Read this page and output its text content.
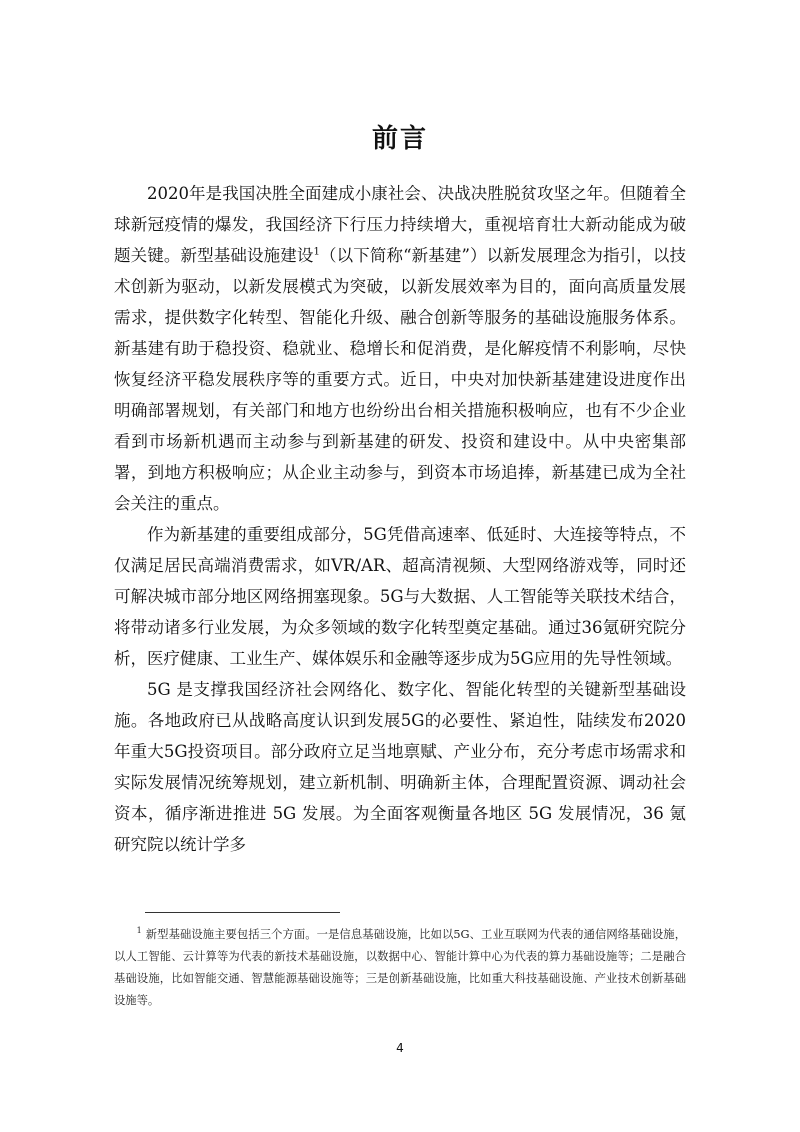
前言

2020年是我国决胜全面建成小康社会、决战决胜脱贫攻坚之年。但随着全球新冠疫情的爆发，我国经济下行压力持续增大，重视培育壮大新动能成为破题关键。新型基础设施建设$^1$（以下简称“新基建”）以新发展理念为指引，以技术创新为驱动，以新发展模式为突破，以新发展效率为目的，面向高质量发展需求，提供数字化转型、智能化升级、融合创新等服务的基础设施服务体系。新基建有助于稳投资、稳就业、稳增长和促消费，是化解疫情不利影响，尽快恢复经济平稳发展秩序等的重要方式。近日，中央对加快新基建建设进度作出明确部署规划，有关部门和地方也纷纷出台相关措施积极响应，也有不少企业看到市场新机遇而主动参与到新基建的研发、投资和建设中。从中央密集部署，到地方积极响应；从企业主动参与，到资本市场追捧，新基建已成为全社会关注的重点。

作为新基建的重要组成部分，5G凭借高速率、低延时、大连接等特点，不仅满足居民高端消费需求，如VR/AR、超高清视频、大型网络游戏等，同时还可解决城市部分地区网络拥塞现象。5G与大数据、人工智能等关联技术结合，将带动诸多行业发展，为众多领域的数字化转型奠定基础。通过36氪研究院分析，医疗健康、工业生产、媒体娱乐和金融等逐步成为5G应用的先导性领域。

5G 是支撑我国经济社会网络化、数字化、智能化转型的关键新型基础设施。各地政府已从战略高度认识到发展5G的必要性、紧迫性，陆续发布2020年重大5G投资项目。部分政府立足当地禀赋、产业分布，充分考虑市场需求和实际发展情况统筹规划，建立新机制、明确新主体，合理配置资源、调动社会资本，循序渐进推进 5G 发展。为全面客观衡量各地区 5G 发展情况，36 氪研究院以统计学多

$^1$ 新型基础设施主要包括三个方面。一是信息基础设施，比如以5G、工业互联网为代表的通信网络基础设施，以人工智能、云计算等为代表的新技术基础设施，以数据中心、智能计算中心为代表的算力基础设施等；二是融合基础设施，比如智能交通、智慧能源基础设施等；三是创新基础设施，比如重大科技基础设施、产业技术创新基础设施等。
4
